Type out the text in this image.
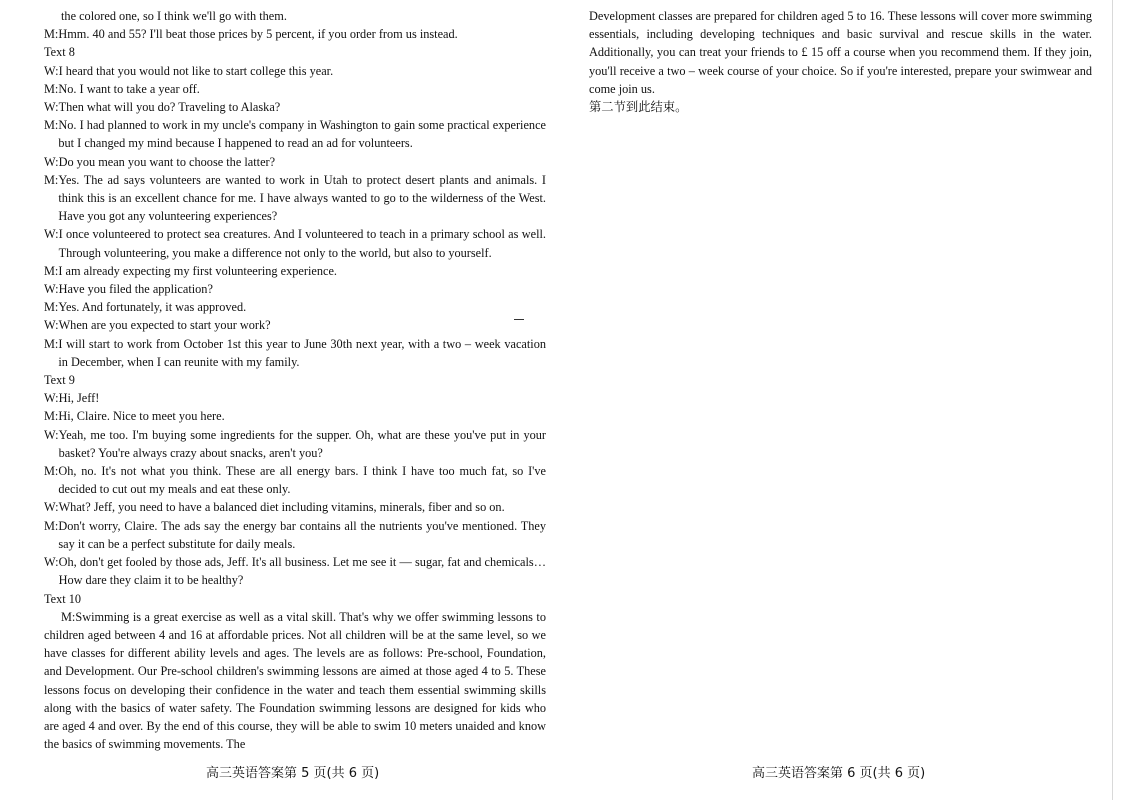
the colored one, so I think we'll go with them.
M: Hmm. 40 and 55? I'll beat those prices by 5 percent, if you order from us instead.
Text 8
W: I heard that you would not like to start college this year.
M: No. I want to take a year off.
W: Then what will you do? Traveling to Alaska?
M: No. I had planned to work in my uncle's company in Washington to gain some practical experience but I changed my mind because I happened to read an ad for volunteers.
W: Do you mean you want to choose the latter?
M: Yes. The ad says volunteers are wanted to work in Utah to protect desert plants and animals. I think this is an excellent chance for me. I have always wanted to go to the wilderness of the West. Have you got any volunteering experiences?
W: I once volunteered to protect sea creatures. And I volunteered to teach in a primary school as well. Through volunteering, you make a difference not only to the world, but also to yourself.
M: I am already expecting my first volunteering experience.
W: Have you filed the application?
M: Yes. And fortunately, it was approved.
W: When are you expected to start your work?
M: I will start to work from October 1st this year to June 30th next year, with a two – week vacation in December, when I can reunite with my family.
Text 9
W: Hi, Jeff!
M: Hi, Claire. Nice to meet you here.
W: Yeah, me too. I'm buying some ingredients for the supper. Oh, what are these you've put in your basket? You're always crazy about snacks, aren't you?
M: Oh, no. It's not what you think. These are all energy bars. I think I have too much fat, so I've decided to cut out my meals and eat these only.
W: What? Jeff, you need to have a balanced diet including vitamins, minerals, fiber and so on.
M: Don't worry, Claire. The ads say the energy bar contains all the nutrients you've mentioned. They say it can be a perfect substitute for daily meals.
W: Oh, don't get fooled by those ads, Jeff. It's all business. Let me see it — sugar, fat and chemicals… How dare they claim it to be healthy?
Text 10
M:Swimming is a great exercise as well as a vital skill. That's why we offer swimming lessons to children aged between 4 and 16 at affordable prices. Not all children will be at the same level, so we have classes for different ability levels and ages. The levels are as follows: Pre-school, Foundation, and Development. Our Pre-school children's swimming lessons are aimed at those aged 4 to 5. These lessons focus on developing their confidence in the water and teach them essential swimming skills along with the basics of water safety. The Foundation swimming lessons are designed for kids who are aged 4 and over. By the end of this course, they will be able to swim 10 meters unaided and know the basics of swimming movements. The
Development classes are prepared for children aged 5 to 16. These lessons will cover more swimming essentials, including developing techniques and basic survival and rescue skills in the water. Additionally, you can treat your friends to £ 15 off a course when you recommend them. If they join, you'll receive a two – week course of your choice. So if you're interested, prepare your swimwear and come join us.
第二节到此结束。
高三英语答案第 5 页(共 6 页)	高三英语答案第 6 页(共 6 页)
